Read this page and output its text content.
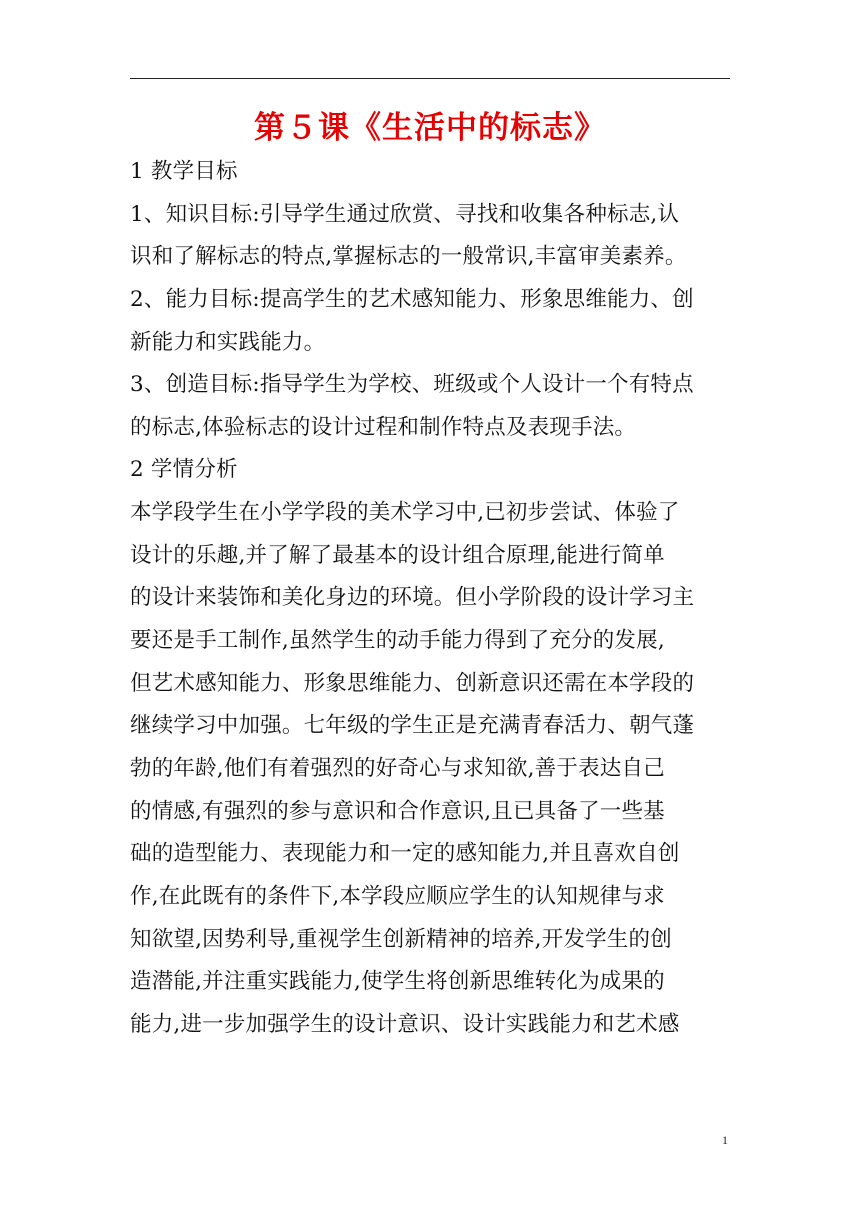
第５课《生活中的标志》
1 教学目标
1、知识目标:引导学生通过欣赏、寻找和收集各种标志,认
识和了解标志的特点,掌握标志的一般常识,丰富审美素养。
2、能力目标:提高学生的艺术感知能力、形象思维能力、创
新能力和实践能力。
3、创造目标:指导学生为学校、班级或个人设计一个有特点
的标志,体验标志的设计过程和制作特点及表现手法。
2 学情分析
本学段学生在小学学段的美术学习中,已初步尝试、体验了
设计的乐趣,并了解了最基本的设计组合原理,能进行简单
的设计来装饰和美化身边的环境。但小学阶段的设计学习主
要还是手工制作,虽然学生的动手能力得到了充分的发展,
但艺术感知能力、形象思维能力、创新意识还需在本学段的
继续学习中加强。七年级的学生正是充满青春活力、朝气蓬
勃的年龄,他们有着强烈的好奇心与求知欲,善于表达自己
的情感,有强烈的参与意识和合作意识,且已具备了一些基
础的造型能力、表现能力和一定的感知能力,并且喜欢自创
作,在此既有的条件下,本学段应顺应学生的认知规律与求
知欲望,因势利导,重视学生创新精神的培养,开发学生的创
造潜能,并注重实践能力,使学生将创新思维转化为成果的
能力,进一步加强学生的设计意识、设计实践能力和艺术感
1
